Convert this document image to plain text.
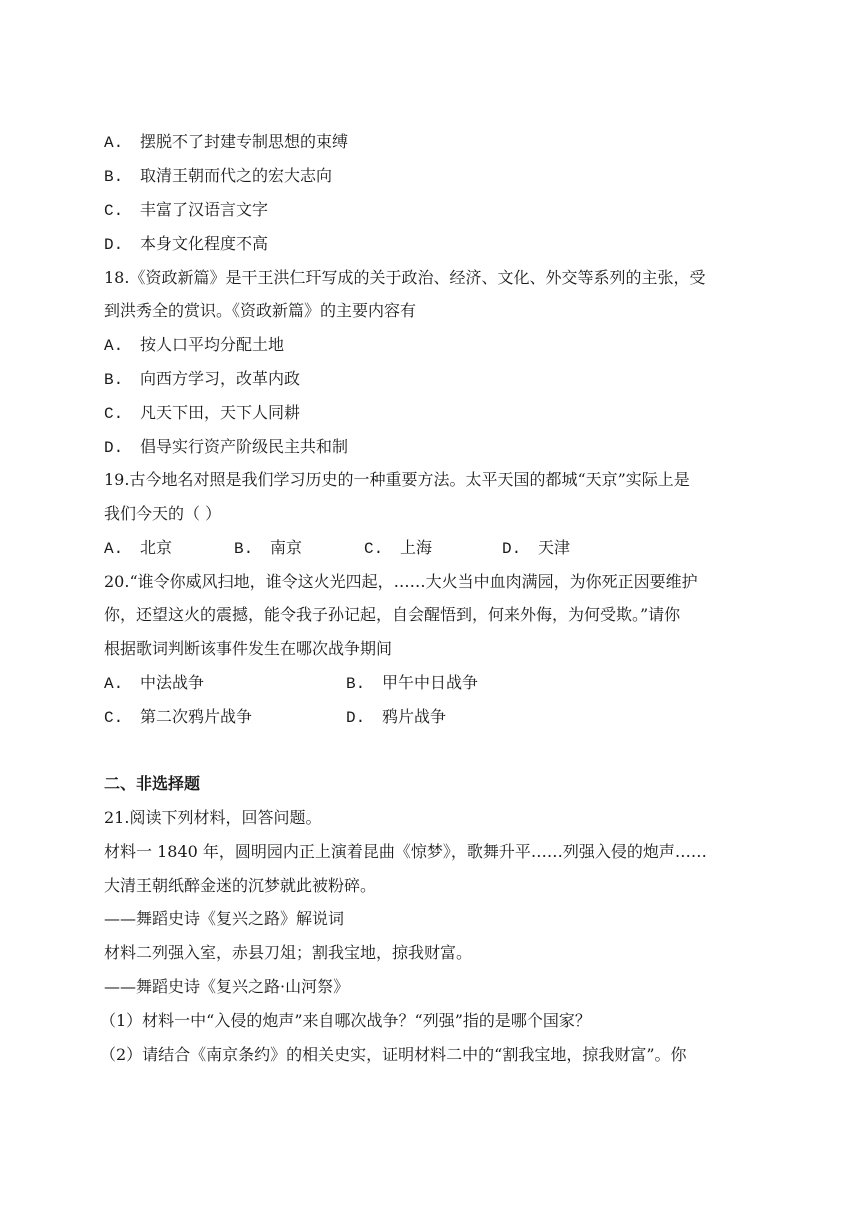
A. 摆脱不了封建专制思想的束缚
B. 取清王朝而代之的宏大志向
C. 丰富了汉语言文字
D. 本身文化程度不高
18.《资政新篇》是干王洪仁玕写成的关于政治、经济、文化、外交等系列的主张，受
到洪秀全的赏识。《资政新篇》的主要内容有
A. 按人口平均分配土地
B. 向西方学习，改革内政
C. 凡天下田，天下人同耕
D. 倡导实行资产阶级民主共和制
19.古今地名对照是我们学习历史的一种重要方法。太平天国的都城“天京”实际上是
我们今天的（ ）
A. 北京	B. 南京	C. 上海	D. 天津
20.“谁令你威风扫地，谁令这火光四起，……大火当中血肉满园，为你死正因要维护
你，还望这火的震撼，能令我子孙记起，自会醒悟到，何来外侮，为何受欺。”请你
根据歌词判断该事件发生在哪次战争期间
A. 中法战争	B. 甲午中日战争
C. 第二次鸦片战争	D. 鸦片战争
二、非选择题
21.阅读下列材料，回答问题。
材料一 1840 年，圆明园内正上演着昆曲《惊梦》，歌舞升平……列强入侵的炮声……
大清王朝纸醉金迷的沉梦就此被粉碎。
——舞蹈史诗《复兴之路》解说词
材料二列强入室，赤县刀俎；割我宝地，掠我财富。
——舞蹈史诗《复兴之路·山河祭》
（1）材料一中“入侵的炮声”来自哪次战争？“列强”指的是哪个国家？
（2）请结合《南京条约》的相关史实，证明材料二中的“割我宝地，掠我财富”。你
